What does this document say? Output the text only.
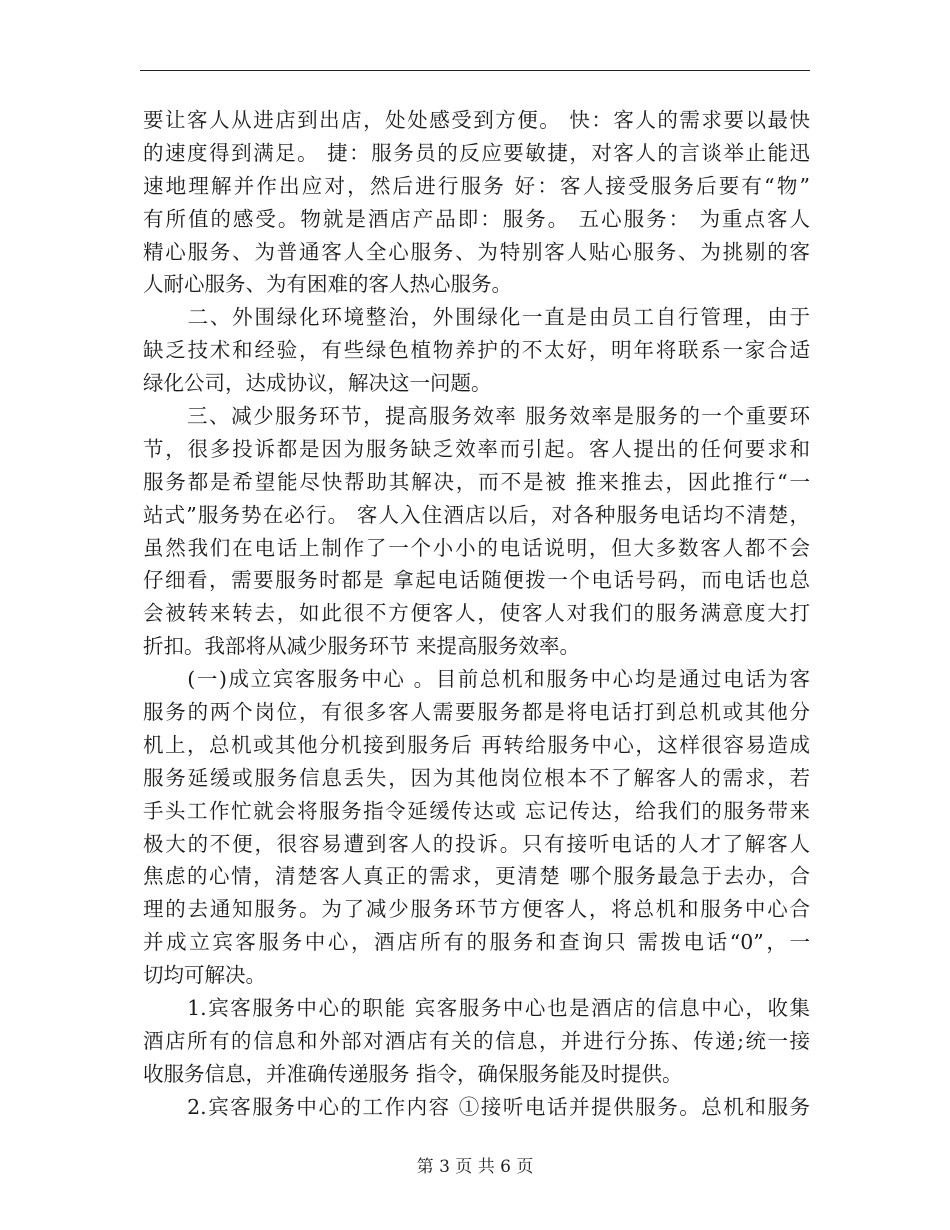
要让客人从进店到出店，处处感受到方便。 快：客人的需求要以最快
的速度得到满足。 捷：服务员的反应要敏捷，对客人的言谈举止能迅
速地理解并作出应对，然后进行服务 好：客人接受服务后要有“物”
有所值的感受。物就是酒店产品即：服务。 五心服务： 为重点客人
精心服务、为普通客人全心服务、为特别客人贴心服务、为挑剔的客
人耐心服务、为有困难的客人热心服务。
　　二、外围绿化环境整治，外围绿化一直是由员工自行管理，由于
缺乏技术和经验，有些绿色植物养护的不太好，明年将联系一家合适
绿化公司，达成协议，解决这一问题。
　　三、减少服务环节，提高服务效率 服务效率是服务的一个重要环
节，很多投诉都是因为服务缺乏效率而引起。客人提出的任何要求和
服务都是希望能尽快帮助其解决，而不是被 推来推去，因此推行“一
站式”服务势在必行。 客人入住酒店以后，对各种服务电话均不清楚，
虽然我们在电话上制作了一个小小的电话说明，但大多数客人都不会
仔细看，需要服务时都是 拿起电话随便拨一个电话号码，而电话也总
会被转来转去，如此很不方便客人，使客人对我们的服务满意度大打
折扣。我部将从减少服务环节 来提高服务效率。
　　(一)成立宾客服务中心 。目前总机和服务中心均是通过电话为客
服务的两个岗位，有很多客人需要服务都是将电话打到总机或其他分
机上，总机或其他分机接到服务后 再转给服务中心，这样很容易造成
服务延缓或服务信息丢失，因为其他岗位根本不了解客人的需求，若
手头工作忙就会将服务指令延缓传达或 忘记传达，给我们的服务带来
极大的不便，很容易遭到客人的投诉。只有接听电话的人才了解客人
焦虑的心情，清楚客人真正的需求，更清楚 哪个服务最急于去办，合
理的去通知服务。为了减少服务环节方便客人，将总机和服务中心合
并成立宾客服务中心，酒店所有的服务和查询只 需拨电话“0”，一
切均可解决。
　　1.宾客服务中心的职能 宾客服务中心也是酒店的信息中心，收集
酒店所有的信息和外部对酒店有关的信息，并进行分拣、传递;统一接
收服务信息，并准确传递服务 指令，确保服务能及时提供。
　　2.宾客服务中心的工作内容 ①接听电话并提供服务。总机和服务
第 3 页 共 6 页
